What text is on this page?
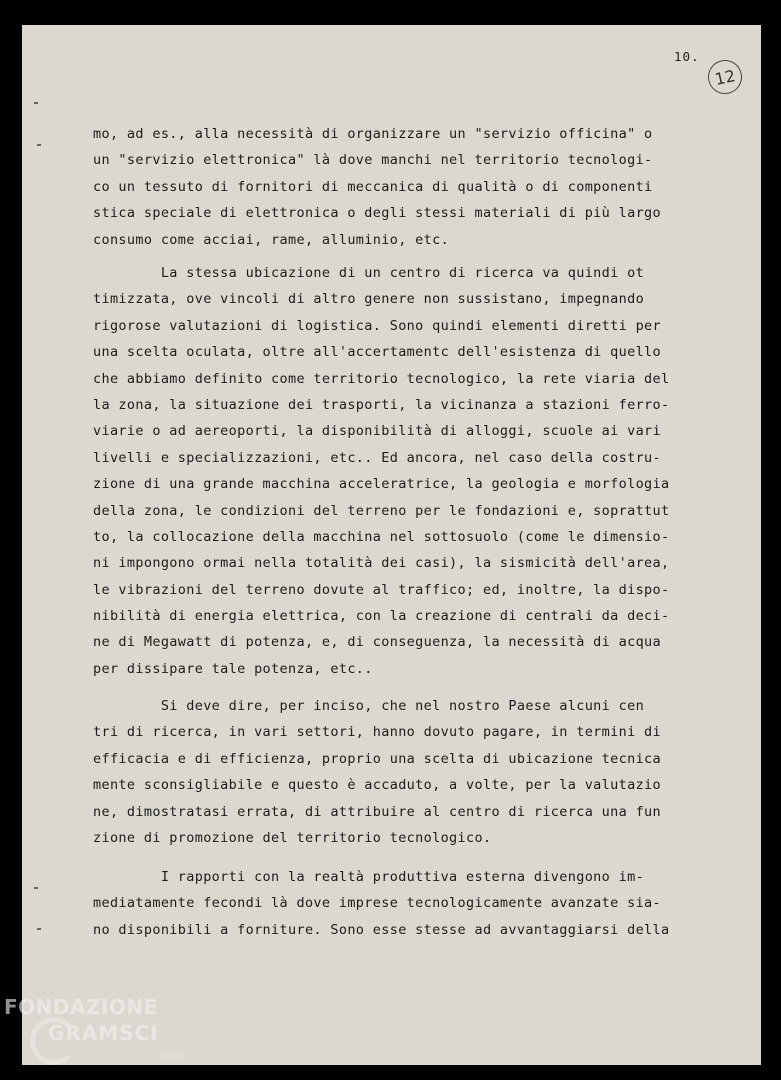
10.
12
mo, ad es., alla necessità di organizzare un "servizio officina" o
un "servizio elettronica" là dove manchi nel territorio tecnologi-
co un tessuto di fornitori di meccanica di qualità o di componenti
stica speciale di elettronica o degli stessi materiali di più largo
consumo come acciai, rame, alluminio, etc.
La stessa ubicazione di un centro di ricerca va quindi ot
timizzata, ove vincoli di altro genere non sussistano, impegnando
rigorose valutazioni di logistica. Sono quindi elementi diretti per
una scelta oculata, oltre all'accertamentc dell'esistenza di quello
che abbiamo definito come territorio tecnologico, la rete viaria del
la zona, la situazione dei trasporti, la vicinanza a stazioni ferro-
viarie o ad aereoporti, la disponibilità di alloggi, scuole ai vari
livelli e specializzazioni, etc.. Ed ancora, nel caso della costru-
zione di una grande macchina acceleratrice, la geologia e morfologia
della zona, le condizioni del terreno per le fondazioni e, soprattut
to, la collocazione della macchina nel sottosuolo (come le dimensio-
ni impongono ormai nella totalità dei casi), la sismicità dell'area,
le vibrazioni del terreno dovute al traffico; ed, inoltre, la dispo-
nibilità di energia elettrica, con la creazione di centrali da deci-
ne di Megawatt di potenza, e, di conseguenza, la necessità di acqua
per dissipare tale potenza, etc..
Si deve dire, per inciso, che nel nostro Paese alcuni cen
tri di ricerca, in vari settori, hanno dovuto pagare, in termini di
efficacia e di efficienza, proprio una scelta di ubicazione tecnica
mente sconsigliabile e questo è accaduto, a volte, per la valutazio
ne, dimostratasi errata, di attribuire al centro di ricerca una fun
zione di promozione del territorio tecnologico.
I rapporti con la realtà produttiva esterna divengono im-
mediatamente fecondi là dove imprese tecnologicamente avanzate sia-
no disponibili a forniture. Sono esse stesse ad avvantaggiarsi della
FONDAZIONE
GRAMSCI
onlus
